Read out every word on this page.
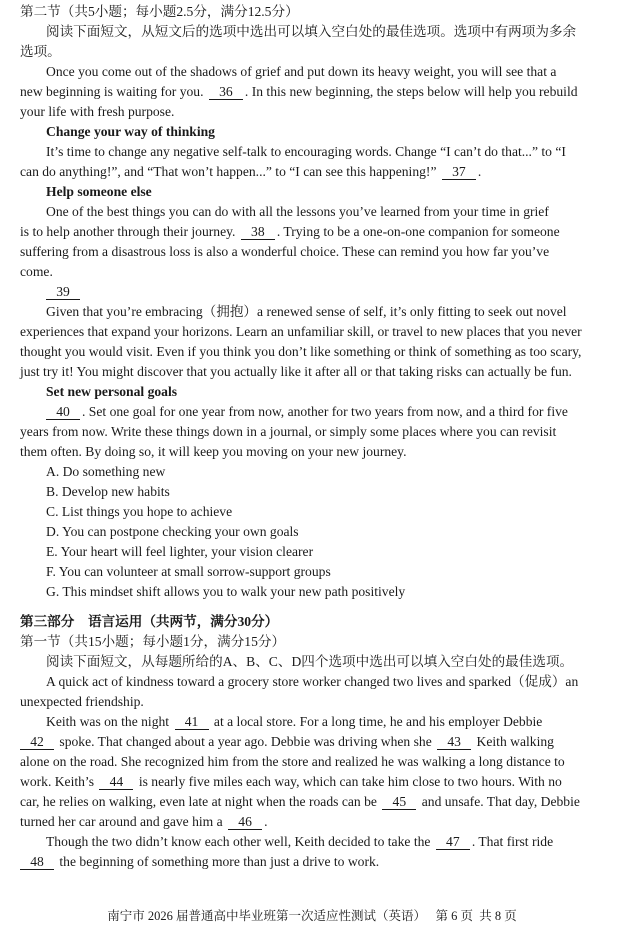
第二节（共5小题；每小题2.5分，满分12.5分）
阅读下面短文，从短文后的选项中选出可以填入空白处的最佳选项。选项中有两项为多余
选项。
Once you come out of the shadows of grief and put down its heavy weight, you will see that a
new beginning is waiting for you. 36 . In this new beginning, the steps below will help you rebuild
your life with fresh purpose.
Change your way of thinking
It’s time to change any negative self-talk to encouraging words. Change “I can’t do that...” to “I
can do anything!”, and “That won’t happen...” to “I can see this happening!” 37 .
Help someone else
One of the best things you can do with all the lessons you’ve learned from your time in grief
is to help another through their journey. 38 . Trying to be a one-on-one companion for someone
suffering from a disastrous loss is also a wonderful choice. These can remind you how far you’ve
come.
39
Given that you’re embracing（拥抱）a renewed sense of self, it’s only fitting to seek out novel
experiences that expand your horizons. Learn an unfamiliar skill, or travel to new places that you never
thought you would visit. Even if you think you don’t like something or think of something as too scary,
just try it! You might discover that you actually like it after all or that taking risks can actually be fun.
Set new personal goals
40 . Set one goal for one year from now, another for two years from now, and a third for five
years from now. Write these things down in a journal, or simply some places where you can revisit
them often. By doing so, it will keep you moving on your new journey.
A. Do something new
B. Develop new habits
C. List things you hope to achieve
D. You can postpone checking your own goals
E. Your heart will feel lighter, your vision clearer
F. You can volunteer at small sorrow-support groups
G. This mindset shift allows you to walk your new path positively
第三部分　语言运用（共两节，满分30分）
第一节（共15小题；每小题1分，满分15分）
阅读下面短文，从每题所给的A、B、C、D四个选项中选出可以填入空白处的最佳选项。
A quick act of kindness toward a grocery store worker changed two lives and sparked（促成）an
unexpected friendship.
Keith was on the night 41 at a local store. For a long time, he and his employer Debbie
42 spoke. That changed about a year ago. Debbie was driving when she 43 Keith walking
alone on the road. She recognized him from the store and realized he was walking a long distance to
work. Keith’s 44 is nearly five miles each way, which can take him close to two hours. With no
car, he relies on walking, even late at night when the roads can be 45 and unsafe. That day, Debbie
turned her car around and gave him a 46 .
Though the two didn’t know each other well, Keith decided to take the 47 . That first ride
48 the beginning of something more than just a drive to work.
南宁市 2026 届普通高中毕业班第一次适应性测试（英语） 第 6 页  共 8 页
